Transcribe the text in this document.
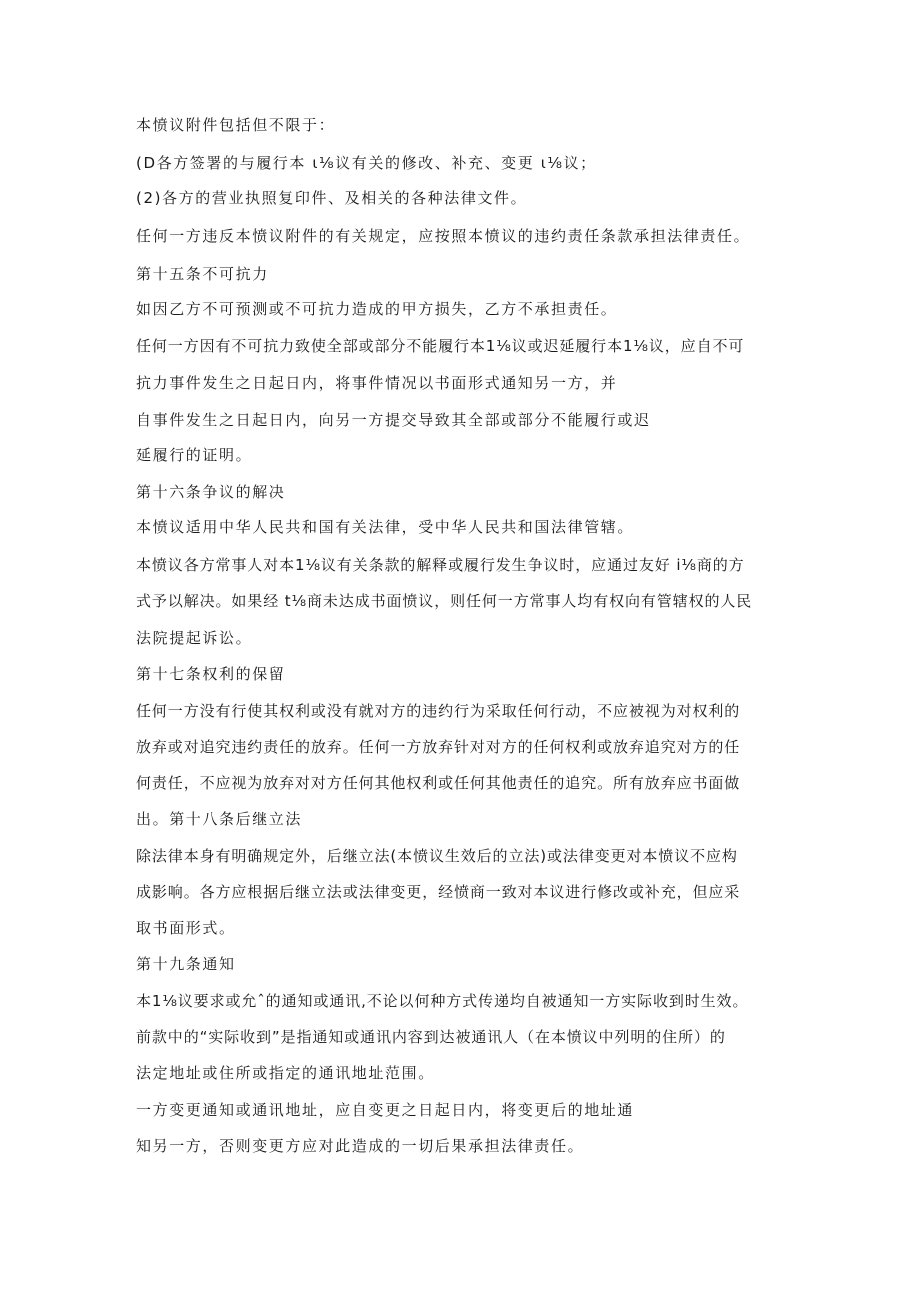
本愤议附件包括但不限于：
(D各方签署的与履行本 ι⅛议有关的修改、补充、变更 ι⅛议；
(2)各方的营业执照复印件、及相关的各种法律文件。
任何一方违反本愤议附件的有关规定，应按照本愤议的违约责任条款承担法律责任。
第十五条不可抗力
如因乙方不可预测或不可抗力造成的甲方损失，乙方不承担责任。
任何一方因有不可抗力致使全部或部分不能履行本1⅛议或迟延履行本1⅛议，应自不可
抗力事件发生之日起日内，将事件情况以书面形式通知另一方，并
自事件发生之日起日内，向另一方提交导致其全部或部分不能履行或迟
延履行的证明。
第十六条争议的解决
本愤议适用中华人民共和国有关法律，受中华人民共和国法律管辖。
本愤议各方常事人对本1⅛议有关条款的解释或履行发生争议时，应通过友好 i⅛商的方
式予以解决。如果经 t⅛商未达成书面愤议，则任何一方常事人均有权向有管辖权的人民
法院提起诉讼。
第十七条权利的保留
任何一方没有行使其权利或没有就对方的违约行为采取任何行动，不应被视为对权利的
放弃或对追究违约责任的放弃。任何一方放弃针对对方的任何权利或放弃追究对方的任
何责任，不应视为放弃对对方任何其他权利或任何其他责任的追究。所有放弃应书面做
出。第十八条后继立法
除法律本身有明确规定外，后继立法(本愤议生效后的立法)或法律变更对本愤议不应构
成影响。各方应根据后继立法或法律变更，经愤商一致对本议进行修改或补充，但应采
取书面形式。
第十九条通知
本1⅛议要求或允ˆ的通知或通讯,不论以何种方式传递均自被通知一方实际收到时生效。
前款中的“实际收到”是指通知或通讯内容到达被通讯人（在本愤议中列明的住所）的
法定地址或住所或指定的通讯地址范围。
一方变更通知或通讯地址，应自变更之日起日内，将变更后的地址通
知另一方，否则变更方应对此造成的一切后果承担法律责任。
